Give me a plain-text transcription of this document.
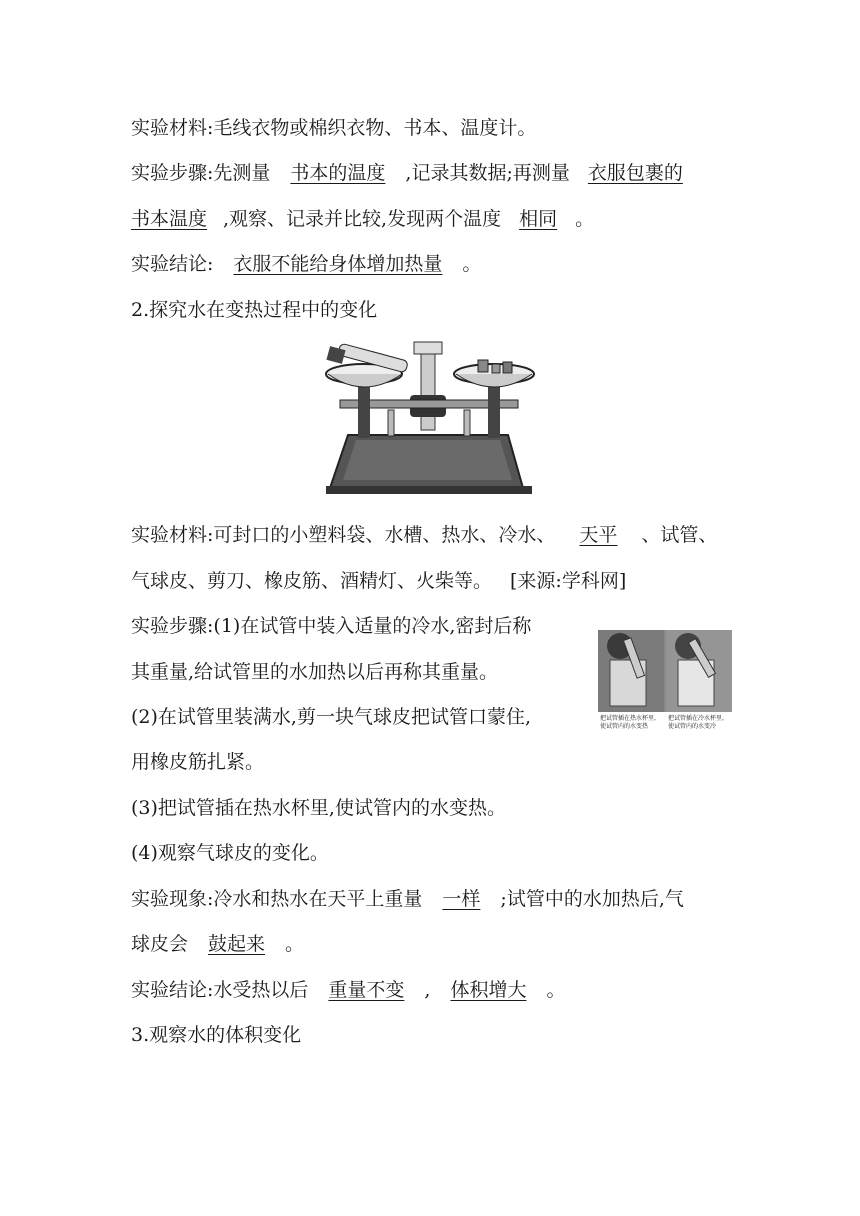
实验材料:毛线衣物或棉织衣物、书本、温度计。
实验步骤:先测量 书本的温度 ,记录其数据;再测量 衣服包裹的
书本温度 ,观察、记录并比较,发现两个温度 相同 。
实验结论: 衣服不能给身体增加热量 。
2.探究水在变热过程中的变化
实验材料:可封口的小塑料袋、水槽、热水、冷水、 天平 、试管、
气球皮、剪刀、橡皮筋、酒精灯、火柴等。 [来源:学科网]
实验步骤:(1)在试管中装入适量的冷水,密封后称
其重量,给试管里的水加热以后再称其重量。
把试管插在热水杯里,
使试管内的水变热
把试管插在冷水杯里,
使试管内的水变冷
(2)在试管里装满水,剪一块气球皮把试管口蒙住,
用橡皮筋扎紧。
(3)把试管插在热水杯里,使试管内的水变热。
(4)观察气球皮的变化。
实验现象:冷水和热水在天平上重量 一样 ;试管中的水加热后,气
球皮会 鼓起来 。
实验结论:水受热以后 重量不变 , 体积增大 。
3.观察水的体积变化
